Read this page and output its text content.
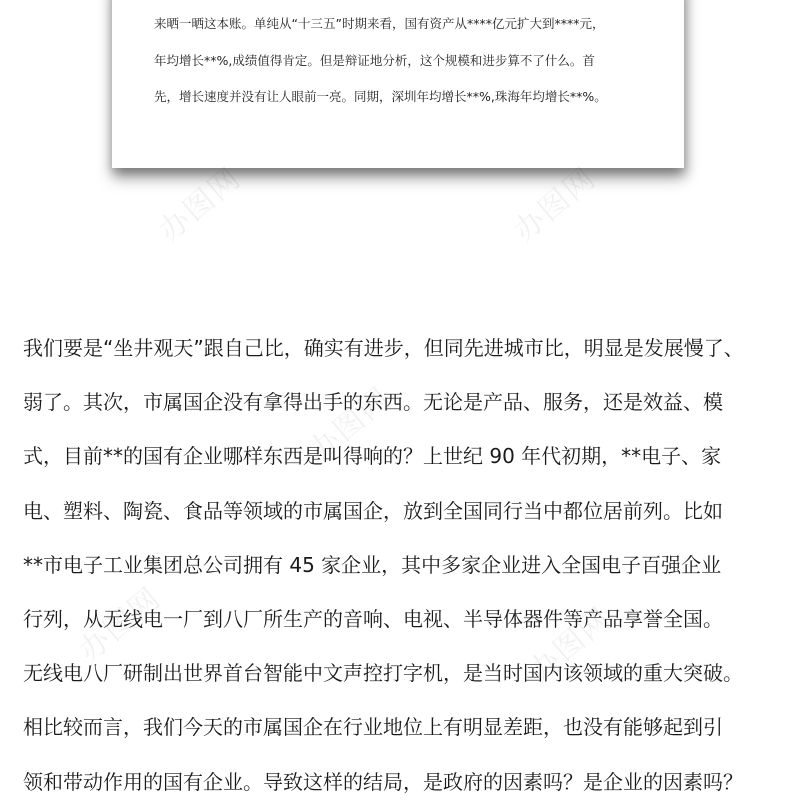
来晒一晒这本账。单纯从“十三五”时期来看，国有资产从****亿元扩大到****元，
年均增长**%,成绩值得肯定。但是辩证地分析，这个规模和进步算不了什么。首
先，增长速度并没有让人眼前一亮。同期，深圳年均增长**%,珠海年均增长**%。
办图网	办图网
办图网
办图网	办图网
我们要是“坐井观天”跟自己比，确实有进步，但同先进城市比，明显是发展慢了、
弱了。其次，市属国企没有拿得出手的东西。无论是产品、服务，还是效益、模
式，目前**的国有企业哪样东西是叫得响的？上世纪 90 年代初期，**电子、家
电、塑料、陶瓷、食品等领域的市属国企，放到全国同行当中都位居前列。比如
**市电子工业集团总公司拥有 45 家企业，其中多家企业进入全国电子百强企业
行列，从无线电一厂到八厂所生产的音响、电视、半导体器件等产品享誉全国。
无线电八厂研制出世界首台智能中文声控打字机，是当时国内该领域的重大突破。
相比较而言，我们今天的市属国企在行业地位上有明显差距，也没有能够起到引
领和带动作用的国有企业。导致这样的结局，是政府的因素吗？是企业的因素吗？
